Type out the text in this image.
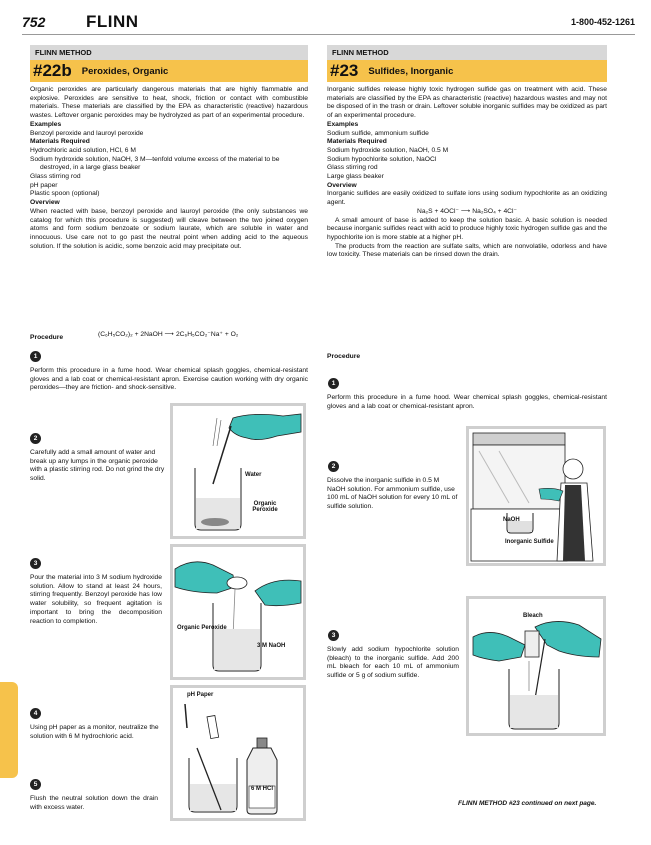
752 FLINN	1-800-452-1261
FLINN METHOD
#22b Peroxides, Organic

Organic peroxides are particularly dangerous materials that are highly flammable and explosive. Peroxides are sensitive to heat, shock, friction or contact with combustible materials. These materials are classified by the EPA as characteristic (reactive) hazardous wastes. Leftover organic peroxides may be hydrolyzed as part of an experimental procedure.

Examples

Benzoyl peroxide and lauroyl peroxide

Materials Required

Hydrochloric acid solution, HCl, 6 M

Sodium hydroxide solution, NaOH, 3 M—tenfold volume excess of the material to be destroyed, in a large glass beaker

Glass stirring rod

pH paper

Plastic spoon (optional)

Overview

When reacted with base, benzoyl peroxide and lauroyl peroxide (the only substances we catalog for which this procedure is suggested) will cleave between the two joined oxygen atoms and form sodium benzoate or sodium laurate, which are soluble in water and innocuous. Use care not to go past the neutral point when adding acid to the aqueous solution. If the solution is acidic, some benzoic acid may precipitate out.

Procedure	(C₆H₅CO₂)₂ + 2NaOH ⟶ 2C₆H₅CO₂⁻Na⁺ + O₂
1
Perform this procedure in a fume hood. Wear chemical splash goggles, chemical-resistant gloves and a lab coat or chemical-resistant apron. Exercise caution working with dry organic peroxides—they are friction- and shock-sensitive.
2
Carefully add a small amount of water and break up any lumps in the organic peroxide with a plastic stirring rod. Do not grind the dry solid.
3
Pour the material into 3 M sodium hydroxide solution. Allow to stand at least 24 hours, stirring frequently. Benzoyl peroxide has low water solubility, so frequent agitation is important to bring the decomposition reaction to completion.
4
Using pH paper as a monitor, neutralize the solution with 6 M hydrochloric acid.
5
Flush the neutral solution down the drain with excess water.
Water
Organic Peroxide
Organic Peroxide
3 M NaOH
pH Paper
6 M HCl
FLINN METHOD
#23 Sulfides, Inorganic

Inorganic sulfides release highly toxic hydrogen sulfide gas on treatment with acid. These materials are classified by the EPA as characteristic (reactive) hazardous wastes and may not be disposed of in the trash or drain. Leftover soluble inorganic sulfides may be oxidized as part of an experimental procedure.

Examples

Sodium sulfide, ammonium sulfide

Materials Required

Sodium hydroxide solution, NaOH, 0.5 M

Sodium hypochlorite solution, NaOCl

Glass stirring rod

Large glass beaker

Overview

Inorganic sulfides are easily oxidized to sulfate ions using sodium hypochlorite as an oxidizing agent.

Na₂S + 4OCl⁻ ⟶ Na₂SO₄ + 4Cl⁻

A small amount of base is added to keep the solution basic. A basic solution is needed because inorganic sulfides react with acid to produce highly toxic hydrogen sulfide gas and the hypochlorite ion is more stable at a higher pH.

The products from the reaction are sulfate salts, which are nonvolatile, odorless and have low toxicity. These materials can be rinsed down the drain.

Procedure
1
Perform this procedure in a fume hood. Wear chemical splash goggles, chemical-resistant gloves and a lab coat or chemical-resistant apron.
2
Dissolve the inorganic sulfide in 0.5 M NaOH solution. For ammonium sulfide, use 100 mL of NaOH solution for every 10 mL of sulfide solution.
3
Slowly add sodium hypochlorite solution (bleach) to the inorganic sulfide. Add 200 mL bleach for each 10 mL of ammonium sulfide or 5 g of sodium sulfide.
NaOH
Inorganic Sulfide
Bleach
FLINN METHOD #23 continued on next page.
